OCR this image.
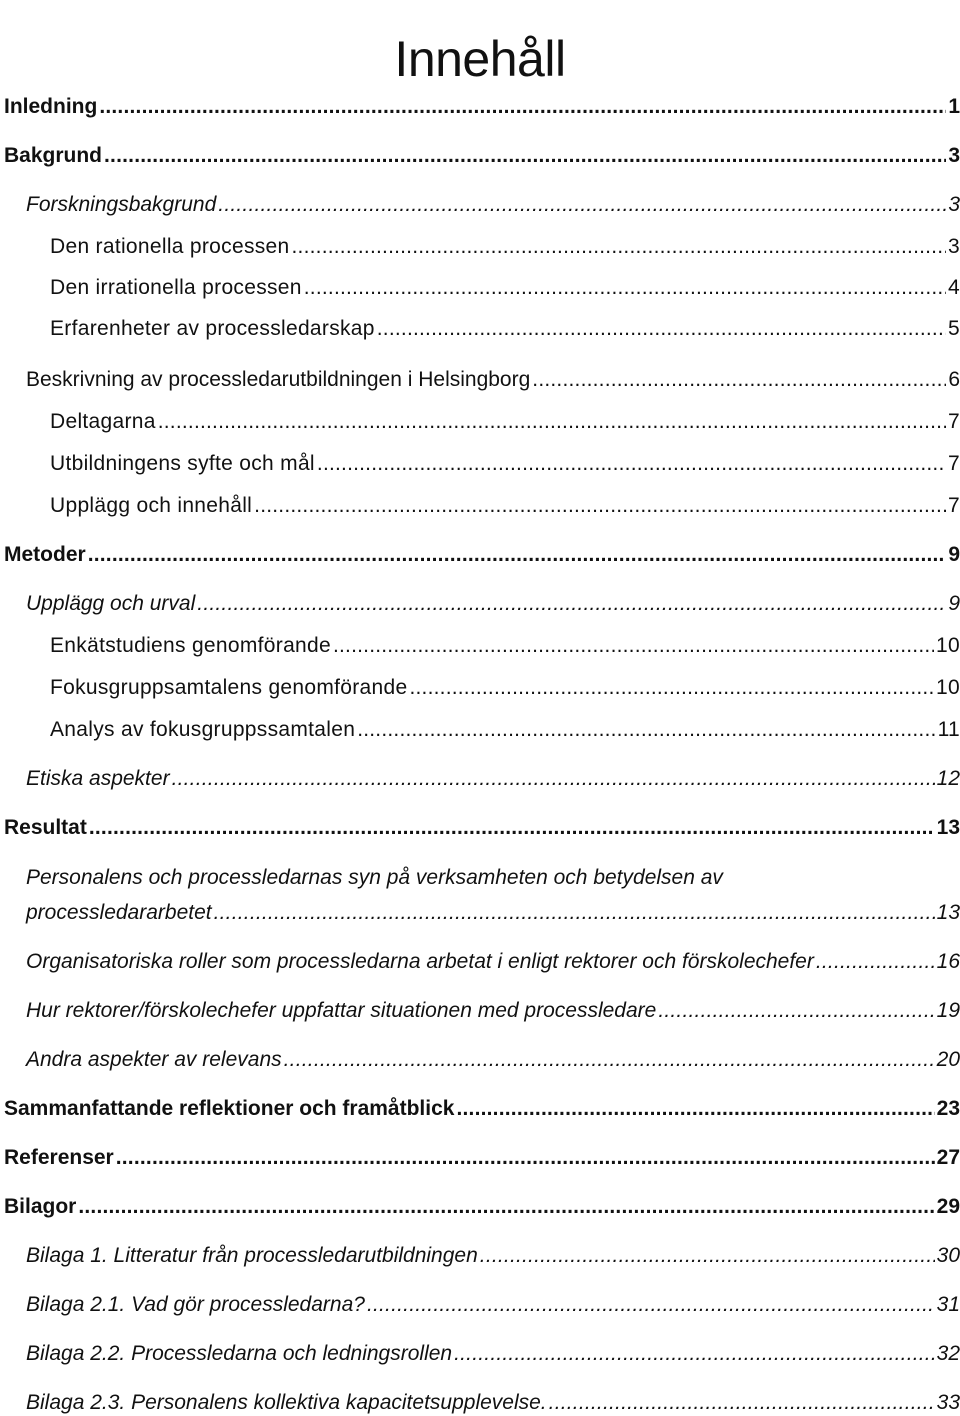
Innehåll
Inledning .....	1
Bakgrund .....	3
Forskningsbakgrund .....	3
Den rationella processen .....	3
Den irrationella processen .....	4
Erfarenheter av processledarskap .....	5
Beskrivning av processledarutbildningen i Helsingborg .....	6
Deltagarna .....	7
Utbildningens syfte och mål .....	7
Upplägg och innehåll .....	7
Metoder .....	9
Upplägg och urval .....	9
Enkätstudiens genomförande .....	10
Fokusgruppsamtalens genomförande .....	10
Analys av fokusgruppssamtalen .....	11
Etiska aspekter .....	12
Resultat .....	13
Personalens och processledarnas syn på verksamheten och betydelsen av
processledararbetet .....	13
Organisatoriska roller som processledarna arbetat i enligt rektorer och förskolechefer .....	16
Hur rektorer/förskolechefer uppfattar situationen med processledare .....	19
Andra aspekter av relevans .....	20
Sammanfattande reflektioner och framåtblick .....	23
Referenser .....	27
Bilagor .....	29
Bilaga 1. Litteratur från processledarutbildningen .....	30
Bilaga 2.1. Vad gör processledarna? .....	31
Bilaga 2.2. Processledarna och ledningsrollen .....	32
Bilaga 2.3. Personalens kollektiva kapacitetsupplevelse. .....	33
